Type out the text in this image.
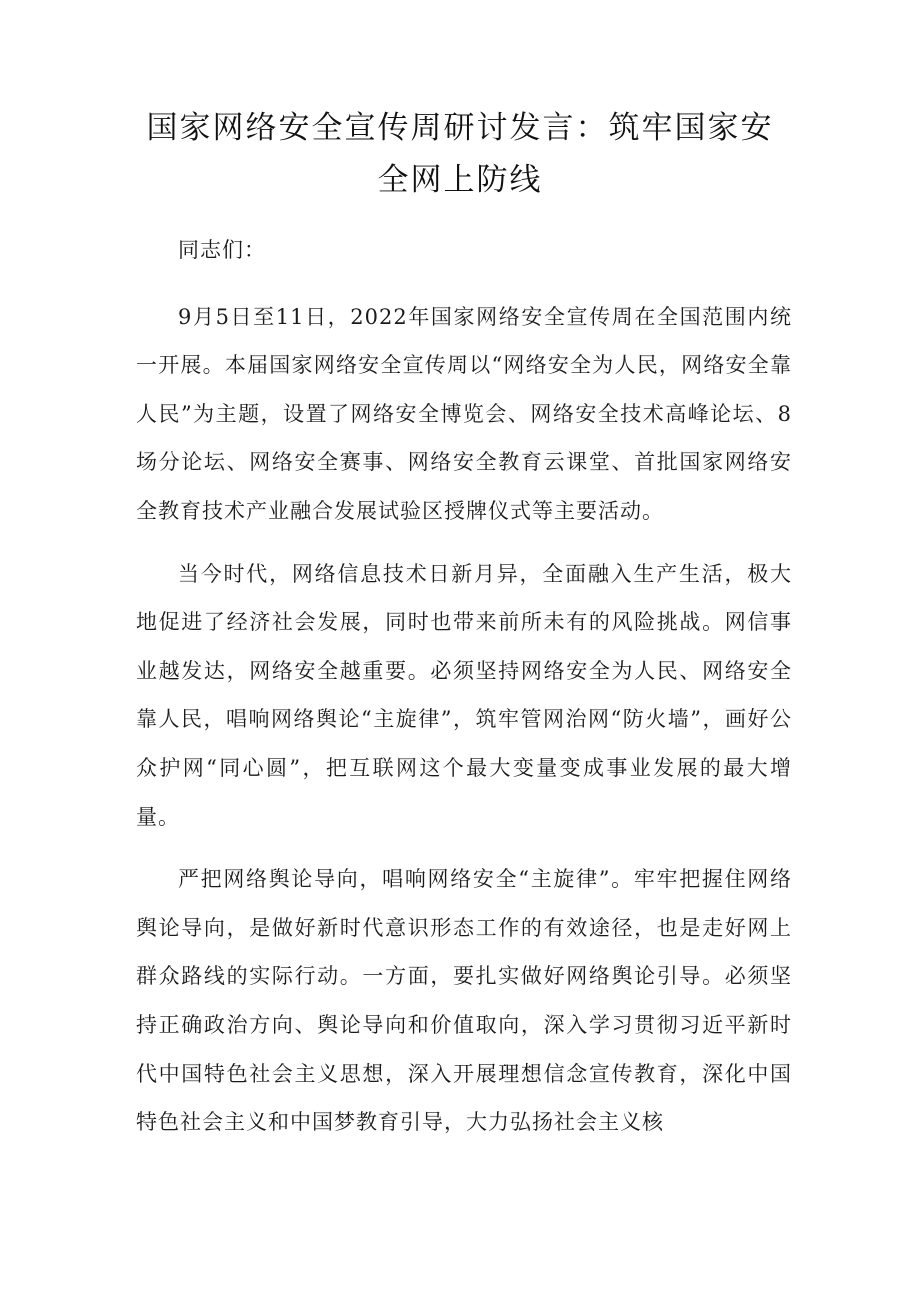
国家网络安全宣传周研讨发言：筑牢国家安
全网上防线

同志们：

9月5日至11日，2022年国家网络安全宣传周在全国范围内统一开展。本届国家网络安全宣传周以“网络安全为人民，网络安全靠人民”为主题，设置了网络安全博览会、网络安全技术高峰论坛、8场分论坛、网络安全赛事、网络安全教育云课堂、首批国家网络安全教育技术产业融合发展试验区授牌仪式等主要活动。

当今时代，网络信息技术日新月异，全面融入生产生活，极大地促进了经济社会发展，同时也带来前所未有的风险挑战。网信事业越发达，网络安全越重要。必须坚持网络安全为人民、网络安全靠人民，唱响网络舆论“主旋律”，筑牢管网治网“防火墙”，画好公众护网“同心圆”，把互联网这个最大变量变成事业发展的最大增量。

严把网络舆论导向，唱响网络安全“主旋律”。牢牢把握住网络舆论导向，是做好新时代意识形态工作的有效途径，也是走好网上群众路线的实际行动。一方面，要扎实做好网络舆论引导。必须坚持正确政治方向、舆论导向和价值取向，深入学习贯彻习近平新时代中国特色社会主义思想，深入开展理想信念宣传教育，深化中国特色社会主义和中国梦教育引导，大力弘扬社会主义核
